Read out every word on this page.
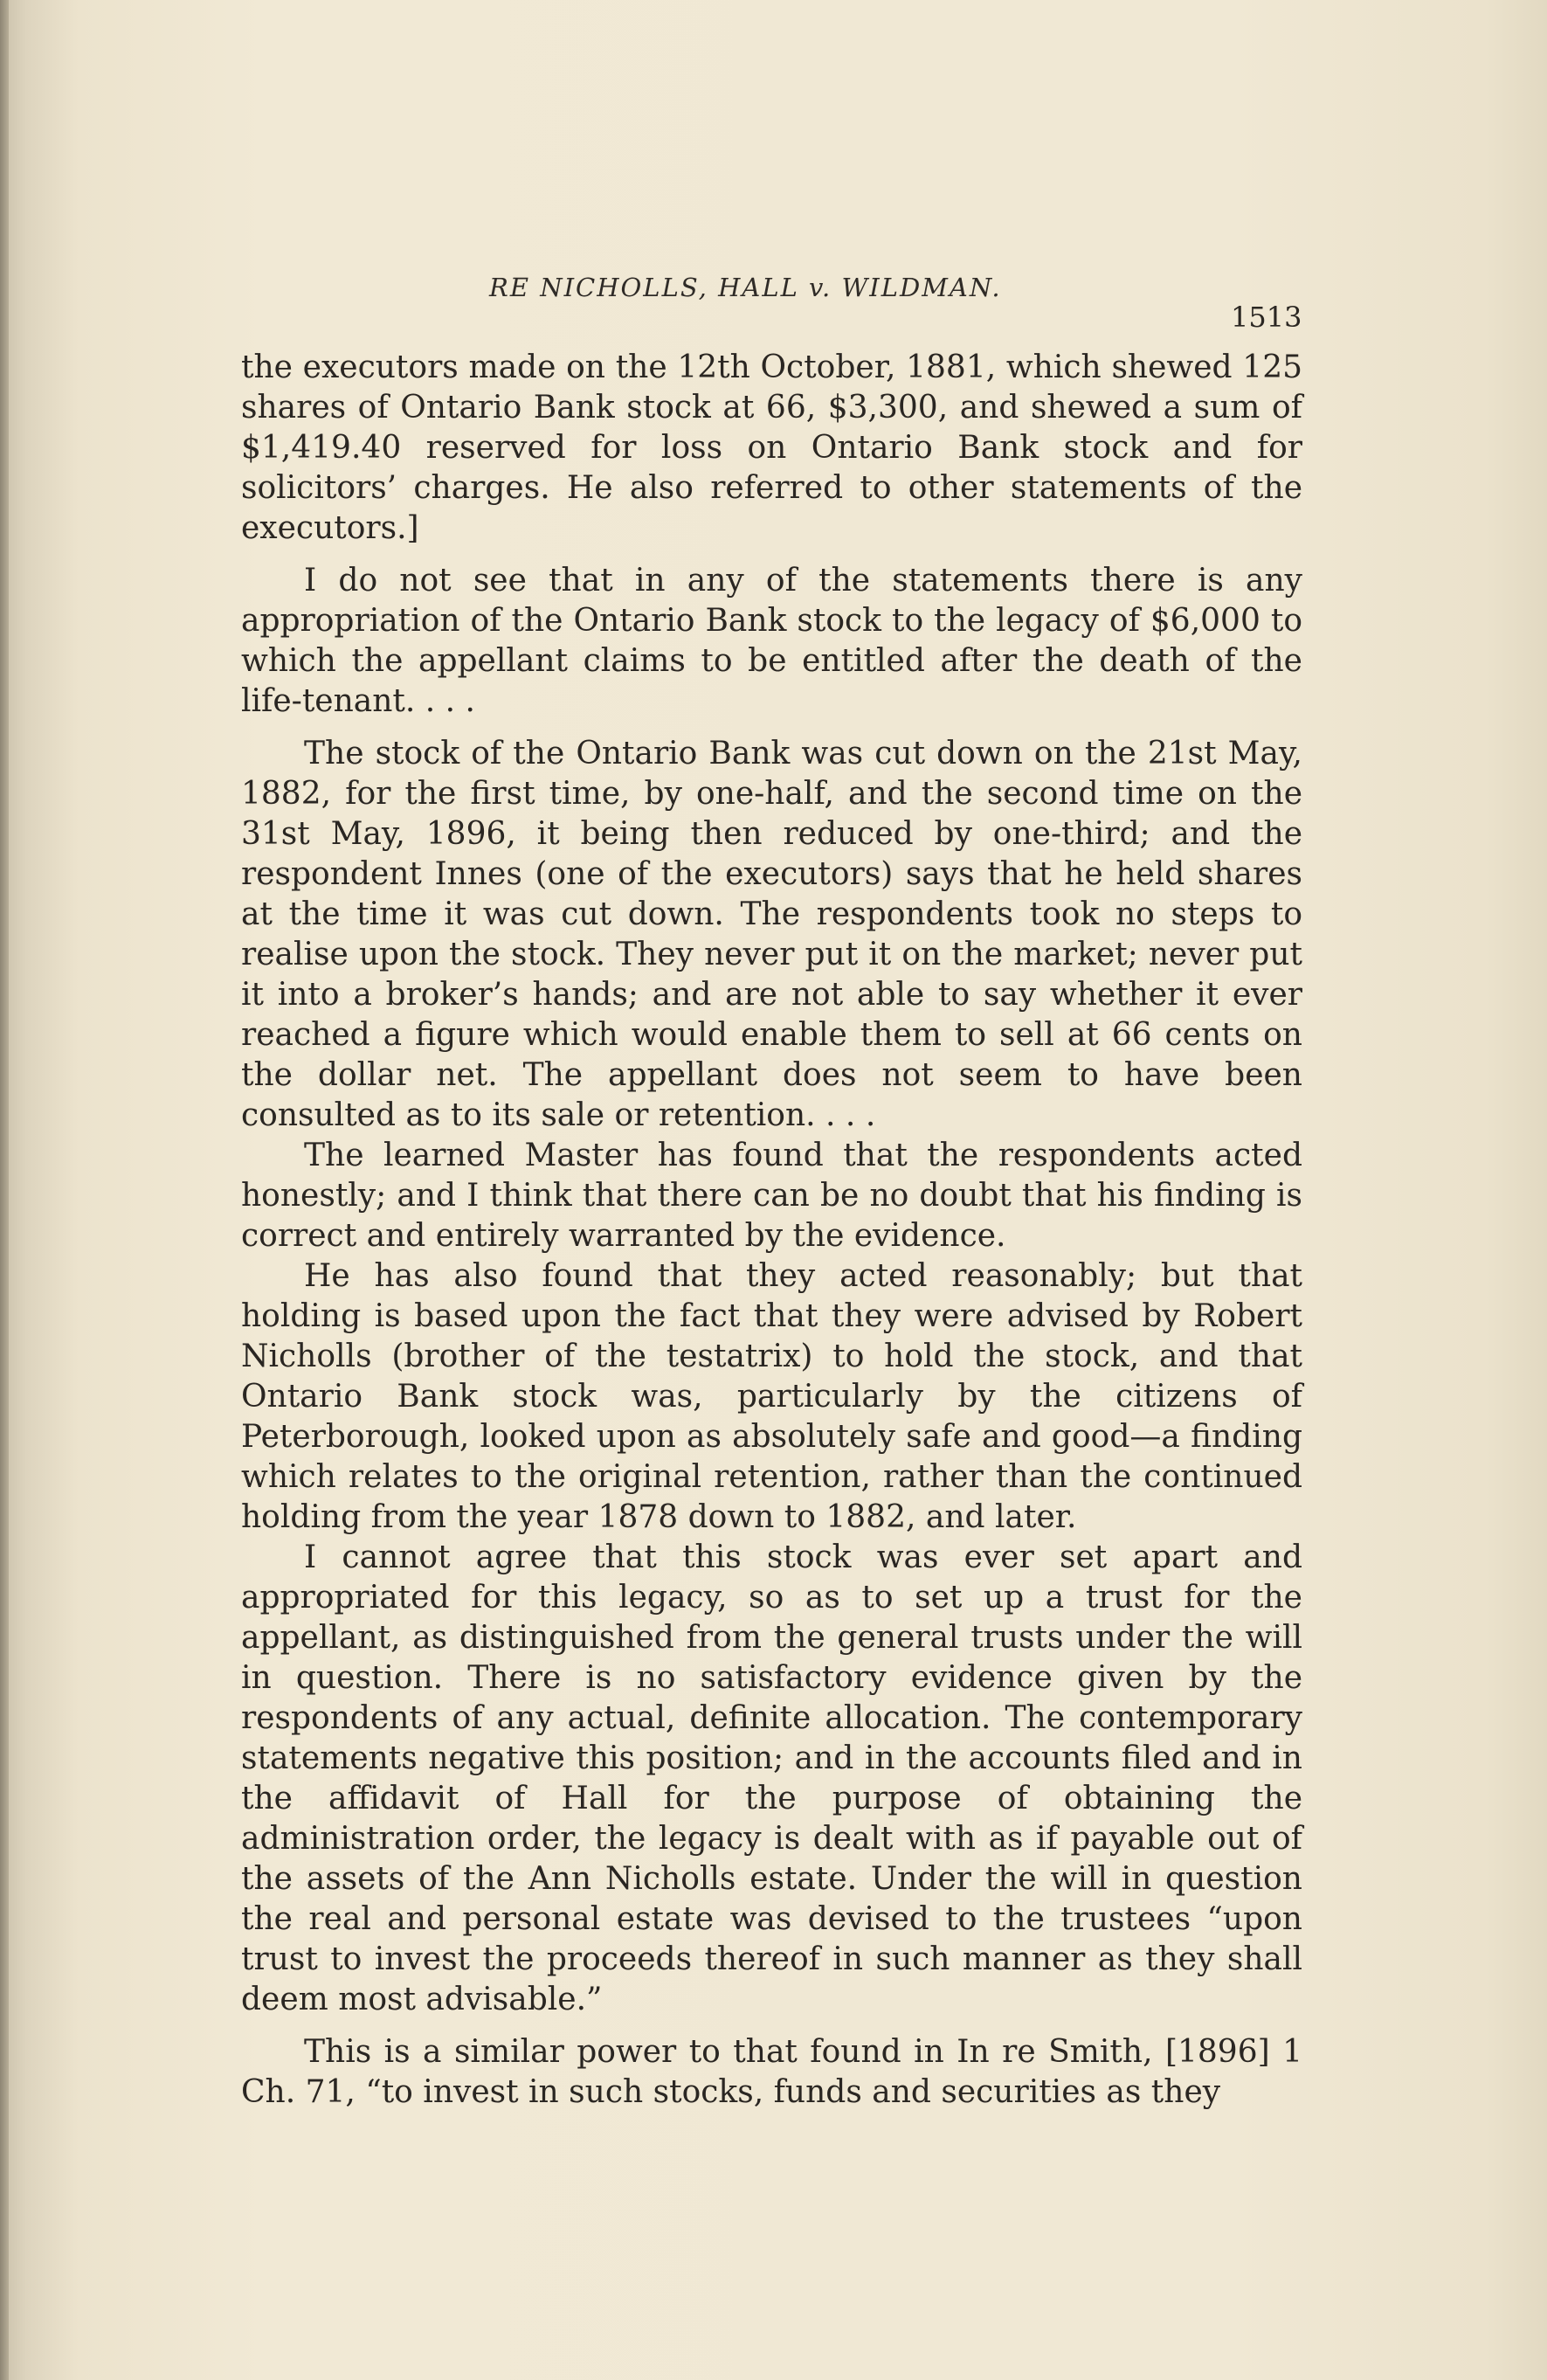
RE NICHOLLS, HALL v. WILDMAN.
1513

the executors made on the 12th October, 1881, which shewed 125 shares of Ontario Bank stock at 66, $3,300, and shewed a sum of $1,419.40 reserved for loss on Ontario Bank stock and for solicitors’ charges. He also referred to other statements of the executors.]

I do not see that in any of the statements there is any appropriation of the Ontario Bank stock to the legacy of $6,000 to which the appellant claims to be entitled after the death of the life-tenant. . . .

The stock of the Ontario Bank was cut down on the 21st May, 1882, for the first time, by one-half, and the second time on the 31st May, 1896, it being then reduced by one-third; and the respondent Innes (one of the executors) says that he held shares at the time it was cut down. The respondents took no steps to realise upon the stock. They never put it on the market; never put it into a broker’s hands; and are not able to say whether it ever reached a figure which would enable them to sell at 66 cents on the dollar net. The appellant does not seem to have been consulted as to its sale or retention. . . .

The learned Master has found that the respondents acted honestly; and I think that there can be no doubt that his finding is correct and entirely warranted by the evidence.

He has also found that they acted reasonably; but that holding is based upon the fact that they were advised by Robert Nicholls (brother of the testatrix) to hold the stock, and that Ontario Bank stock was, particularly by the citizens of Peterborough, looked upon as absolutely safe and good—a finding which relates to the original retention, rather than the continued holding from the year 1878 down to 1882, and later.

I cannot agree that this stock was ever set apart and appropriated for this legacy, so as to set up a trust for the appellant, as distinguished from the general trusts under the will in question. There is no satisfactory evidence given by the respondents of any actual, definite allocation. The contemporary statements negative this position; and in the accounts filed and in the affidavit of Hall for the purpose of obtaining the administration order, the legacy is dealt with as if payable out of the assets of the Ann Nicholls estate. Under the will in question the real and personal estate was devised to the trustees “upon trust to invest the proceeds thereof in such manner as they shall deem most advisable.”

This is a similar power to that found in In re Smith, [1896] 1 Ch. 71, “to invest in such stocks, funds and securities as they
